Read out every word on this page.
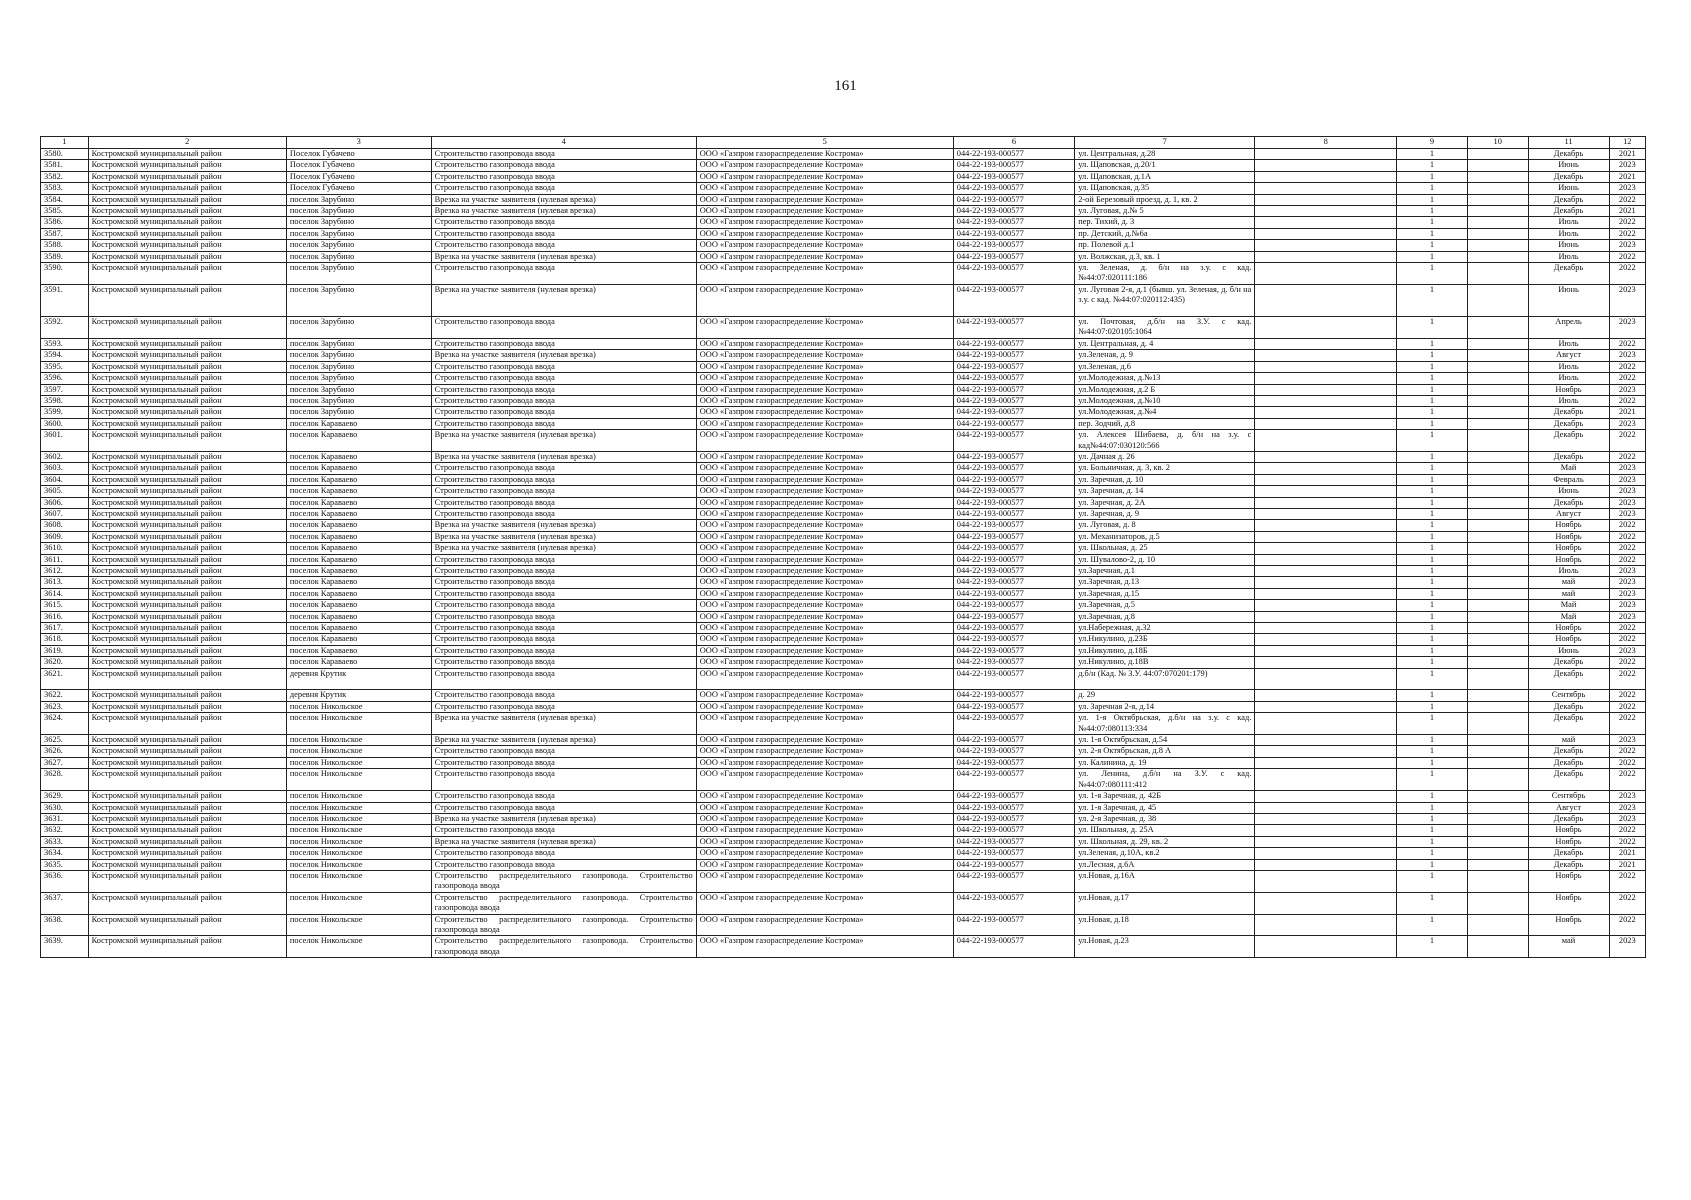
161
1	2	3	4	5	6	7	8	9	10	11	12
3580.	Костромской муниципальный район	Поселок Губачево	Строительство газопровода ввода	ООО «Газпром газораспределение Кострома»	044-22-193-000577	ул. Центральная, д.28		1		Декабрь	2021
3581.	Костромской муниципальный район	Поселок Губачево	Строительство газопровода ввода	ООО «Газпром газораспределение Кострома»	044-22-193-000577	ул. Щаповская, д.20/1		1		Июнь	2023
3582.	Костромской муниципальный район	Поселок Губачево	Строительство газопровода ввода	ООО «Газпром газораспределение Кострома»	044-22-193-000577	ул. Щаповская, д.1А		1		Декабрь	2021
3583.	Костромской муниципальный район	Поселок Губачево	Строительство газопровода ввода	ООО «Газпром газораспределение Кострома»	044-22-193-000577	ул. Щаповская, д.35		1		Июнь	2023
3584.	Костромской муниципальный район	поселок Зарубино	Врезка на участке заявителя (нулевая врезка)	ООО «Газпром газораспределение Кострома»	044-22-193-000577	2-ой Березовый проезд, д. 1, кв. 2		1		Декабрь	2022
3585.	Костромской муниципальный район	поселок Зарубино	Врезка на участке заявителя (нулевая врезка)	ООО «Газпром газораспределение Кострома»	044-22-193-000577	ул. Луговая, д.№ 5		1		Декабрь	2021
3586.	Костромской муниципальный район	поселок Зарубино	Строительство газопровода ввода	ООО «Газпром газораспределение Кострома»	044-22-193-000577	пер. Тихий, д. 3		1		Июль	2022
3587.	Костромской муниципальный район	поселок Зарубино	Строительство газопровода ввода	ООО «Газпром газораспределение Кострома»	044-22-193-000577	пр. Детский, д.№6а		1		Июль	2022
3588.	Костромской муниципальный район	поселок Зарубино	Строительство газопровода ввода	ООО «Газпром газораспределение Кострома»	044-22-193-000577	пр. Полевой д.1		1		Июнь	2023
3589.	Костромской муниципальный район	поселок Зарубино	Врезка на участке заявителя (нулевая врезка)	ООО «Газпром газораспределение Кострома»	044-22-193-000577	ул. Волжская, д.3, кв. 1		1		Июль	2022
3590.	Костромской муниципальный район	поселок Зарубино	Строительство газопровода ввода	ООО «Газпром газораспределение Кострома»	044-22-193-000577	ул. Зеленая, д. б/н на з.у. с кад. №44:07:020111:186		1		Декабрь	2022
3591.	Костромской муниципальный район	поселок Зарубино	Врезка на участке заявителя (нулевая врезка)	ООО «Газпром газораспределение Кострома»	044-22-193-000577	ул. Луговая 2-я, д.1 (бывш. ул. Зеленая, д. б/н на з.у. с кад. №44:07:020112:435)		1		Июнь	2023
3592.	Костромской муниципальный район	поселок Зарубино	Строительство газопровода ввода	ООО «Газпром газораспределение Кострома»	044-22-193-000577	ул. Почтовая, д.б/н на З.У. с кад.№44:07:020105:1064		1		Апрель	2023
3593.	Костромской муниципальный район	поселок Зарубино	Строительство газопровода ввода	ООО «Газпром газораспределение Кострома»	044-22-193-000577	ул. Центральная, д. 4		1		Июль	2022
3594.	Костромской муниципальный район	поселок Зарубино	Врезка на участке заявителя (нулевая врезка)	ООО «Газпром газораспределение Кострома»	044-22-193-000577	ул.Зеленая, д. 9		1		Август	2023
3595.	Костромской муниципальный район	поселок Зарубино	Строительство газопровода ввода	ООО «Газпром газораспределение Кострома»	044-22-193-000577	ул.Зеленая, д.6		1		Июль	2022
3596.	Костромской муниципальный район	поселок Зарубино	Строительство газопровода ввода	ООО «Газпром газораспределение Кострома»	044-22-193-000577	ул.Молодежная, д.№13		1		Июль	2022
3597.	Костромской муниципальный район	поселок Зарубино	Строительство газопровода ввода	ООО «Газпром газораспределение Кострома»	044-22-193-000577	ул.Молодежная, д.2 Б		1		Ноябрь	2023
3598.	Костромской муниципальный район	поселок Зарубино	Строительство газопровода ввода	ООО «Газпром газораспределение Кострома»	044-22-193-000577	ул.Молодежная, д.№10		1		Июль	2022
3599.	Костромской муниципальный район	поселок Зарубино	Строительство газопровода ввода	ООО «Газпром газораспределение Кострома»	044-22-193-000577	ул.Молодежная, д.№4		1		Декабрь	2021
3600.	Костромской муниципальный район	поселок Караваево	Строительство газопровода ввода	ООО «Газпром газораспределение Кострома»	044-22-193-000577	пер. Зодчий, д.8		1		Декабрь	2023
3601.	Костромской муниципальный район	поселок Караваево	Врезка на участке заявителя (нулевая врезка)	ООО «Газпром газораспределение Кострома»	044-22-193-000577	ул. Алексея Шибаева, д. б/н на з.у. с кад№44:07:030120:566		1		Декабрь	2022
3602.	Костромской муниципальный район	поселок Караваево	Врезка на участке заявителя (нулевая врезка)	ООО «Газпром газораспределение Кострома»	044-22-193-000577	ул. Дачная д. 26		1		Декабрь	2022
3603.	Костромской муниципальный район	поселок Караваево	Строительство газопровода ввода	ООО «Газпром газораспределение Кострома»	044-22-193-000577	ул. Больничная, д. 3, кв. 2		1		Май	2023
3604.	Костромской муниципальный район	поселок Караваево	Строительство газопровода ввода	ООО «Газпром газораспределение Кострома»	044-22-193-000577	ул. Заречная, д. 10		1		Февраль	2023
3605.	Костромской муниципальный район	поселок Караваево	Строительство газопровода ввода	ООО «Газпром газораспределение Кострома»	044-22-193-000577	ул. Заречная, д. 14		1		Июнь	2023
3606.	Костромской муниципальный район	поселок Караваево	Строительство газопровода ввода	ООО «Газпром газораспределение Кострома»	044-22-193-000577	ул. Заречная, д. 2А		1		Декабрь	2023
3607.	Костромской муниципальный район	поселок Караваево	Строительство газопровода ввода	ООО «Газпром газораспределение Кострома»	044-22-193-000577	ул. Заречная, д. 9		1		Август	2023
3608.	Костромской муниципальный район	поселок Караваево	Врезка на участке заявителя (нулевая врезка)	ООО «Газпром газораспределение Кострома»	044-22-193-000577	ул. Луговая, д. 8		1		Ноябрь	2022
3609.	Костромской муниципальный район	поселок Караваево	Врезка на участке заявителя (нулевая врезка)	ООО «Газпром газораспределение Кострома»	044-22-193-000577	ул. Механизаторов, д.5		1		Ноябрь	2022
3610.	Костромской муниципальный район	поселок Караваево	Врезка на участке заявителя (нулевая врезка)	ООО «Газпром газораспределение Кострома»	044-22-193-000577	ул. Школьная, д. 25		1		Ноябрь	2022
3611.	Костромской муниципальный район	поселок Караваево	Строительство газопровода ввода	ООО «Газпром газораспределение Кострома»	044-22-193-000577	ул. Шувалово-2, д. 10		1		Ноябрь	2022
3612.	Костромской муниципальный район	поселок Караваево	Строительство газопровода ввода	ООО «Газпром газораспределение Кострома»	044-22-193-000577	ул.Заречная, д.1		1		Июль	2023
3613.	Костромской муниципальный район	поселок Караваево	Строительство газопровода ввода	ООО «Газпром газораспределение Кострома»	044-22-193-000577	ул.Заречная, д.13		1		май	2023
3614.	Костромской муниципальный район	поселок Караваево	Строительство газопровода ввода	ООО «Газпром газораспределение Кострома»	044-22-193-000577	ул.Заречная, д.15		1		май	2023
3615.	Костромской муниципальный район	поселок Караваево	Строительство газопровода ввода	ООО «Газпром газораспределение Кострома»	044-22-193-000577	ул.Заречная, д.5		1		Май	2023
3616.	Костромской муниципальный район	поселок Караваево	Строительство газопровода ввода	ООО «Газпром газораспределение Кострома»	044-22-193-000577	ул.Заречная, д.8		1		Май	2023
3617.	Костромской муниципальный район	поселок Караваево	Строительство газопровода ввода	ООО «Газпром газораспределение Кострома»	044-22-193-000577	ул.Набережная, д.32		1		Ноябрь	2022
3618.	Костромской муниципальный район	поселок Караваево	Строительство газопровода ввода	ООО «Газпром газораспределение Кострома»	044-22-193-000577	ул.Никулино, д.23Б		1		Ноябрь	2022
3619.	Костромской муниципальный район	поселок Караваево	Строительство газопровода ввода	ООО «Газпром газораспределение Кострома»	044-22-193-000577	ул.Никулино, д.18Б		1		Июнь	2023
3620.	Костромской муниципальный район	поселок Караваево	Строительство газопровода ввода	ООО «Газпром газораспределение Кострома»	044-22-193-000577	ул.Никулино, д.18В		1		Декабрь	2022
3621.	Костромской муниципальный район	деревня Крутик	Строительство газопровода ввода	ООО «Газпром газораспределение Кострома»	044-22-193-000577	д.б/н (Кад. № З.У. 44:07:070201:179)		1		Декабрь	2022
3622.	Костромской муниципальный район	деревня Крутик	Строительство газопровода ввода	ООО «Газпром газораспределение Кострома»	044-22-193-000577	д. 29		1		Сентябрь	2022
3623.	Костромской муниципальный район	поселок Никольское	Строительство газопровода ввода	ООО «Газпром газораспределение Кострома»	044-22-193-000577	ул. Заречная 2-я, д.14		1		Декабрь	2022
3624.	Костромской муниципальный район	поселок Никольское	Врезка на участке заявителя (нулевая врезка)	ООО «Газпром газораспределение Кострома»	044-22-193-000577	ул. 1-я Октябрьская, д.б/н на з.у. с кад. №44:07:080113:334		1		Декабрь	2022
3625.	Костромской муниципальный район	поселок Никольское	Врезка на участке заявителя (нулевая врезка)	ООО «Газпром газораспределение Кострома»	044-22-193-000577	ул. 1-я Октябрьская, д.54		1		май	2023
3626.	Костромской муниципальный район	поселок Никольское	Строительство газопровода ввода	ООО «Газпром газораспределение Кострома»	044-22-193-000577	ул. 2-я Октябрьская, д.8 А		1		Декабрь	2022
3627.	Костромской муниципальный район	поселок Никольское	Строительство газопровода ввода	ООО «Газпром газораспределение Кострома»	044-22-193-000577	ул. Калинина, д. 19		1		Декабрь	2022
3628.	Костромской муниципальный район	поселок Никольское	Строительство газопровода ввода	ООО «Газпром газораспределение Кострома»	044-22-193-000577	ул. Ленина, д.б/н на З.У. с кад.№44:07:080111:412		1		Декабрь	2022
3629.	Костромской муниципальный район	поселок Никольское	Строительство газопровода ввода	ООО «Газпром газораспределение Кострома»	044-22-193-000577	ул. 1-я Заречная, д. 42Б		1		Сентябрь	2023
3630.	Костромской муниципальный район	поселок Никольское	Строительство газопровода ввода	ООО «Газпром газораспределение Кострома»	044-22-193-000577	ул. 1-я Заречная, д. 45		1		Август	2023
3631.	Костромской муниципальный район	поселок Никольское	Врезка на участке заявителя (нулевая врезка)	ООО «Газпром газораспределение Кострома»	044-22-193-000577	ул. 2-я Заречная, д. 38		1		Декабрь	2023
3632.	Костромской муниципальный район	поселок Никольское	Строительство газопровода ввода	ООО «Газпром газораспределение Кострома»	044-22-193-000577	ул. Школьная, д. 25А		1		Ноябрь	2022
3633.	Костромской муниципальный район	поселок Никольское	Врезка на участке заявителя (нулевая врезка)	ООО «Газпром газораспределение Кострома»	044-22-193-000577	ул. Школьная, д. 29, кв. 2		1		Ноябрь	2022
3634.	Костромской муниципальный район	поселок Никольское	Строительство газопровода ввода	ООО «Газпром газораспределение Кострома»	044-22-193-000577	ул.Зеленая, д.10А, кв.2		1		Декабрь	2021
3635.	Костромской муниципальный район	поселок Никольское	Строительство газопровода ввода	ООО «Газпром газораспределение Кострома»	044-22-193-000577	ул.Лесная, д.6А		1		Декабрь	2021
3636.	Костромской муниципальный район	поселок Никольское	Строительство распределительного газопровода. Строительство газопровода ввода	ООО «Газпром газораспределение Кострома»	044-22-193-000577	ул.Новая, д.16А		1		Ноябрь	2022
3637.	Костромской муниципальный район	поселок Никольское	Строительство распределительного газопровода. Строительство газопровода ввода	ООО «Газпром газораспределение Кострома»	044-22-193-000577	ул.Новая, д.17		1		Ноябрь	2022
3638.	Костромской муниципальный район	поселок Никольское	Строительство распределительного газопровода. Строительство газопровода ввода	ООО «Газпром газораспределение Кострома»	044-22-193-000577	ул.Новая, д.18		1		Ноябрь	2022
3639.	Костромской муниципальный район	поселок Никольское	Строительство распределительного газопровода. Строительство газопровода ввода	ООО «Газпром газораспределение Кострома»	044-22-193-000577	ул.Новая, д.23		1		май	2023
